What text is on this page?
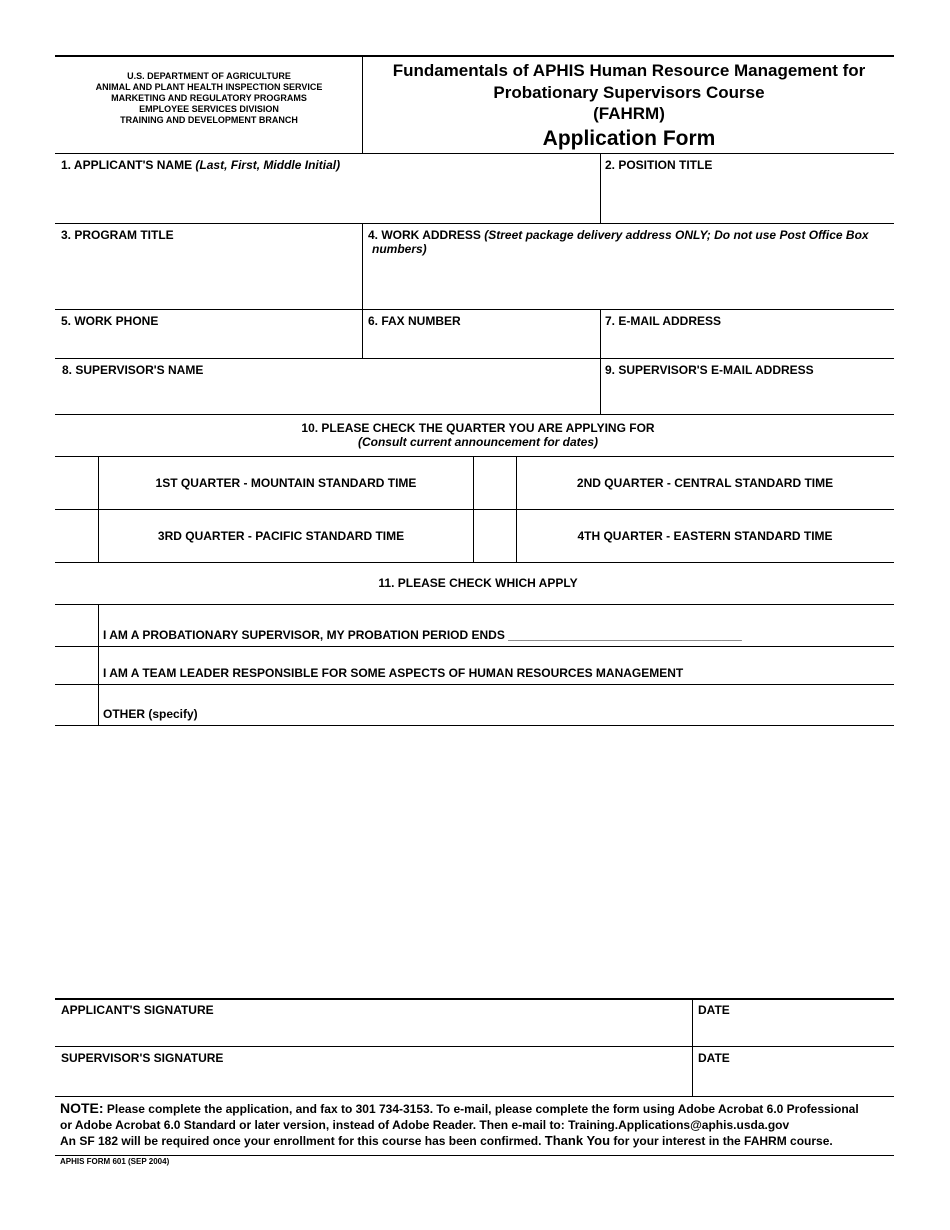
U.S. DEPARTMENT OF AGRICULTURE
ANIMAL AND PLANT HEALTH INSPECTION SERVICE
MARKETING AND REGULATORY PROGRAMS
EMPLOYEE SERVICES DIVISION
TRAINING AND DEVELOPMENT BRANCH
Fundamentals of APHIS Human Resource Management for
Probationary Supervisors Course
(FAHRM)
Application Form
1. APPLICANT'S NAME (Last, First, Middle Initial)	2. POSITION TITLE
3. PROGRAM TITLE	4. WORK ADDRESS (Street package delivery address ONLY; Do not use Post Office Box
numbers)
5. WORK PHONE	6. FAX NUMBER	7. E-MAIL ADDRESS
8. SUPERVISOR'S NAME	9. SUPERVISOR'S E-MAIL ADDRESS
10. PLEASE CHECK THE QUARTER YOU ARE APPLYING FOR
(Consult current announcement for dates)
1ST QUARTER - MOUNTAIN STANDARD TIME	2ND QUARTER - CENTRAL STANDARD TIME
3RD QUARTER - PACIFIC STANDARD TIME	4TH QUARTER - EASTERN STANDARD TIME
11. PLEASE CHECK WHICH APPLY
I AM A PROBATIONARY SUPERVISOR, MY PROBATION PERIOD ENDS ___________________________________
I AM A TEAM LEADER RESPONSIBLE FOR SOME ASPECTS OF HUMAN RESOURCES MANAGEMENT
OTHER (specify)
APPLICANT'S SIGNATURE	DATE
SUPERVISOR'S SIGNATURE	DATE
NOTE: Please complete the application, and fax to 301 734-3153. To e-mail, please complete the form using Adobe Acrobat 6.0 Professional
or Adobe Acrobat 6.0 Standard or later version, instead of Adobe Reader. Then e-mail to: Training.Applications@aphis.usda.gov
An SF 182 will be required once your enrollment for this course has been confirmed. Thank You for your interest in the FAHRM course.
APHIS FORM 601 (SEP 2004)
